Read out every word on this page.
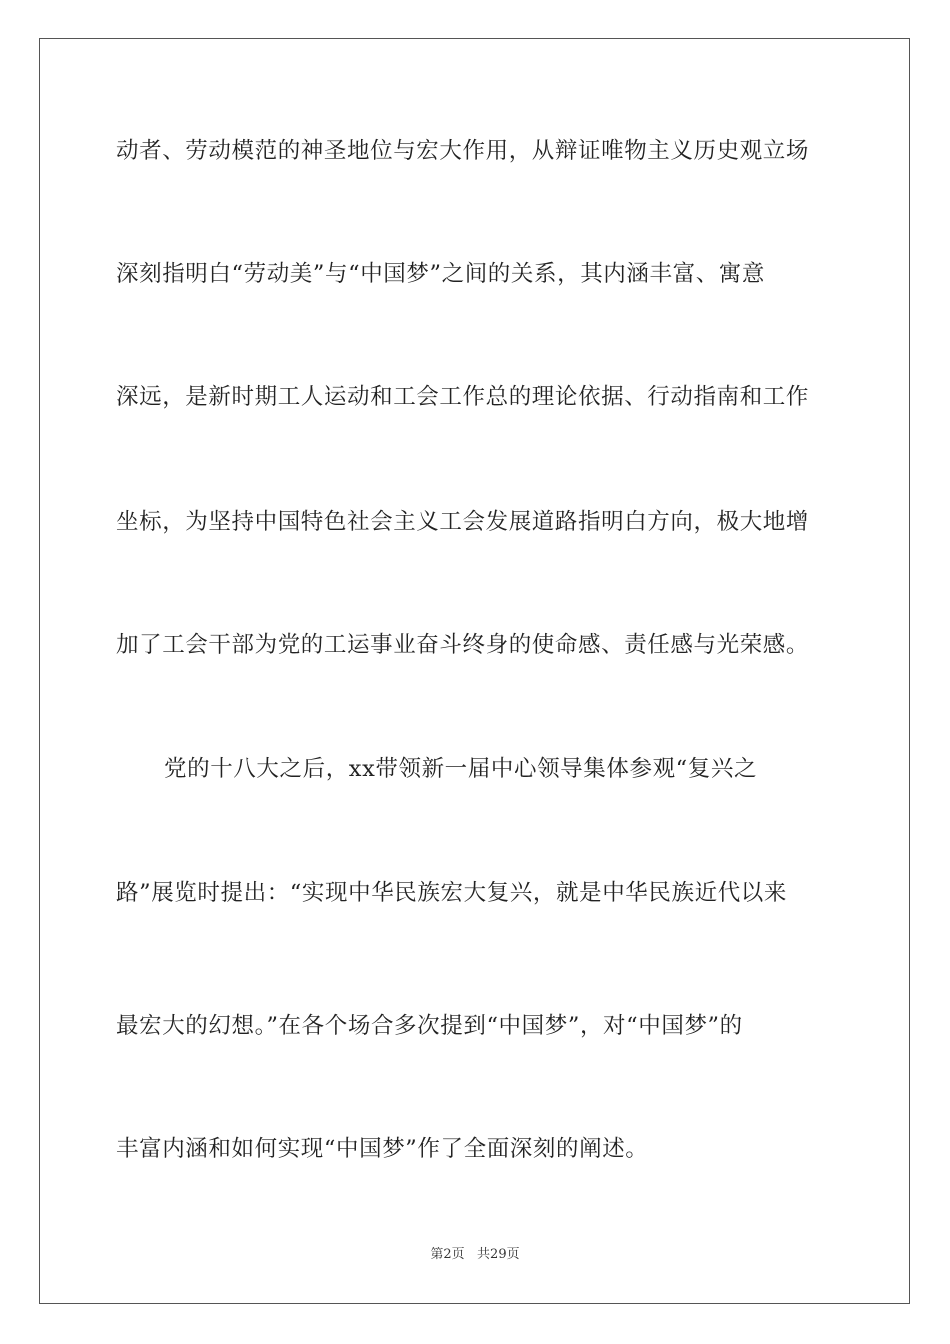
动者、劳动模范的神圣地位与宏大作用，从辩证唯物主义历史观立场
深刻指明白“劳动美”与“中国梦”之间的关系，其内涵丰富、寓意
深远，是新时期工人运动和工会工作总的理论依据、行动指南和工作
坐标，为坚持中国特色社会主义工会发展道路指明白方向，极大地增
加了工会干部为党的工运事业奋斗终身的使命感、责任感与光荣感。
党的十八大之后，xx带领新一届中心领导集体参观“复兴之
路”展览时提出：“实现中华民族宏大复兴，就是中华民族近代以来
最宏大的幻想。”在各个场合多次提到“中国梦”，对“中国梦”的
丰富内涵和如何实现“中国梦”作了全面深刻的阐述。
第2页   共29页
